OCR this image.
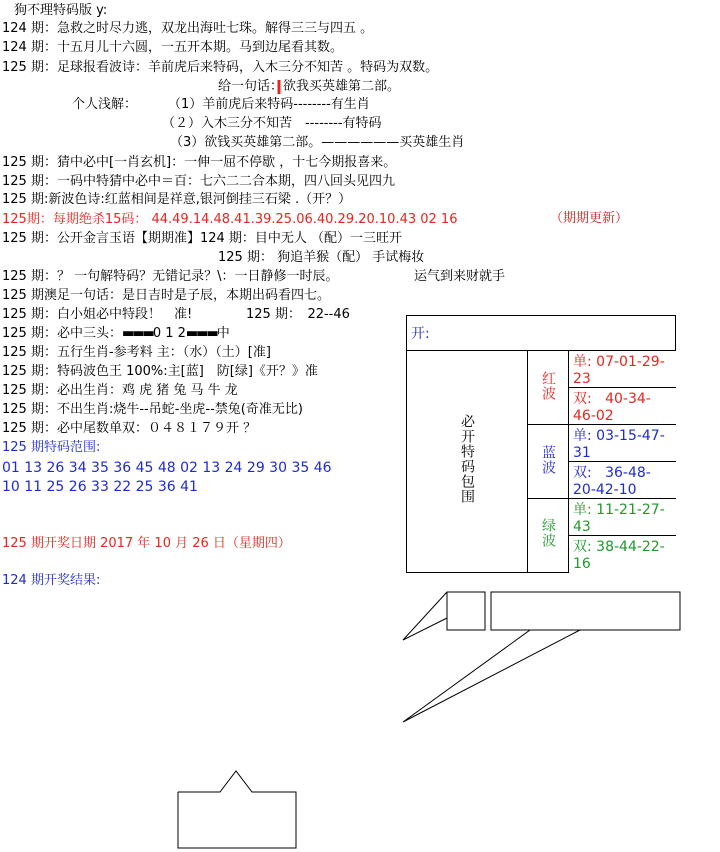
狗不理特码版 y:
124 期：急救之时尽力逃，双龙出海吐七珠。解得三三与四五 。
124 期：十五月儿十六圆，一五开本期。马到边尾看其数。
125 期：足球报看波诗：羊前虎后来特码，入木三分不知苦 。特码为双数。
给一句话：欲我买英雄第二部。
个人浅解： （1）羊前虎后来特码--------有生肖
（２）入木三分不知苦　--------有特码
（3）欲钱买英雄第二部。——————买英雄生肖
125 期：猜中必中[一肖玄机]：一伸一屈不停歇 ，十七今期报喜来。
125 期：一码中特猜中必中＝百：七六二二合本期，四八回头见四九
125 期:新波色诗:红蓝相间是祥意,银河倒挂三石梁 .（开？）
125期：每期绝杀15码： 44.49.14.48.41.39.25.06.40.29.20.10.43 02 16	（期期更新）
125 期：公开金言玉语【期期准】124 期：目中无人 （配）一三旺开
125 期： 狗追羊猴（配） 手试梅妆
125 期：？ 一句解特码？无错记录？\：一日静修一时辰。	运气到来财就手
125 期澳足一句话：是日吉时是子辰，本期出码看四七。
125 期：白小姐必中特段！　准!	125 期：　22--46
125 期：必中三头：▬▬▬0 1 2▬▬▬中
125 期：五行生肖-参考料 主：（水）（土）[准]
125 期：特码波色王 100%:主[蓝]　防[绿]《开？》准
125 期：必出生肖：鸡 虎 猪 兔 马 牛 龙
125 期：不出生肖:烧牛--吊蛇-坐虎--禁兔(奇准无比)
125 期：必中尾数单双：０４８１７９开 ？
125 期特码范围:
01 13 26 34 35 36 45 48 02 13 24 29 30 35 46
10 11 25 26 33 22 25 36 41
125 期开奖日期 2017 年 10 月 26 日（星期四）
124 期开奖结果:
开:		
必开特码包围	红波	单: 07-01-29-23
		双: 40-34-46-02
	蓝波	单: 03-15-47-31
		双: 36-48-20-42-10
	绿波	单: 11-21-27-43
		双: 38-44-22-16
